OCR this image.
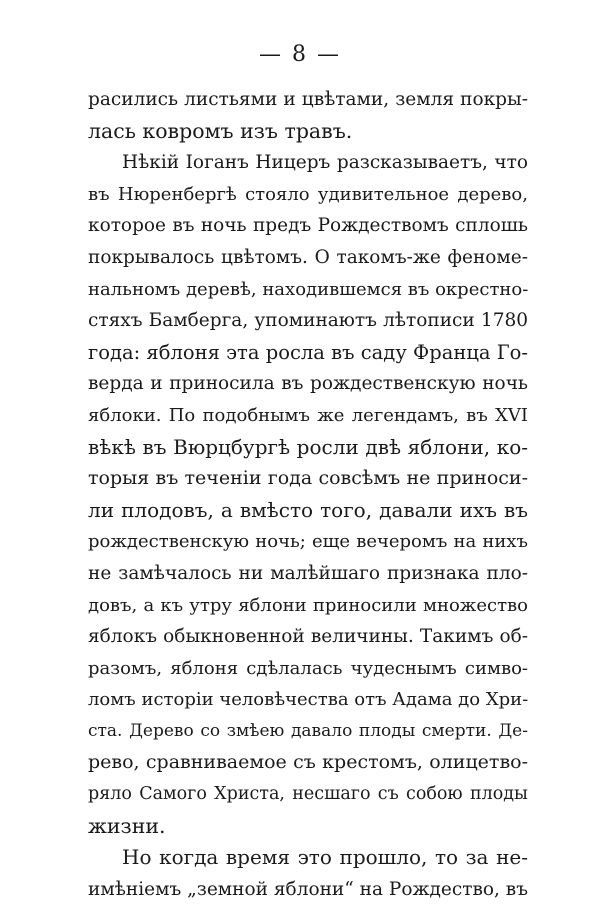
— 8 —
расились листьями и цвѣтами, земля покры-
лась ковромъ изъ травъ.
Нѣкій Іоганъ Ницеръ разсказываетъ, что
въ Нюренбергѣ стояло удивительное дерево,
которое въ ночь предъ Рождествомъ сплошь
покрывалось цвѣтомъ. О такомъ-же феноме-
нальномъ деревѣ, находившемся въ окрестно-
стяхъ Бамберга, упоминаютъ лѣтописи 1780
года: яблоня эта росла въ саду Франца Го-
верда и приносила въ рождественскую ночь
яблоки. По подобнымъ же легендамъ, въ XVI
вѣкѣ въ Вюрцбургѣ росли двѣ яблони, ко-
торыя въ теченіи года совсѣмъ не приноси-
ли плодовъ, а вмѣсто того, давали ихъ въ
рождественскую ночь; еще вечеромъ на нихъ
не замѣчалось ни малѣйшаго признака пло-
довъ, а къ утру яблони приносили множество
яблокъ обыкновенной величины. Такимъ об-
разомъ, яблоня сдѣлалась чудеснымъ симво-
ломъ исторіи человѣчества отъ Адама до Хри-
ста. Дерево со змѣею давало плоды смерти. Де-
рево, сравниваемое съ крестомъ, олицетво-
ряло Самого Христа, несшаго съ собою плоды
жизни.
Но когда время это прошло, то за не-
имѣніемъ „земной яблони“ на Рождество, въ
